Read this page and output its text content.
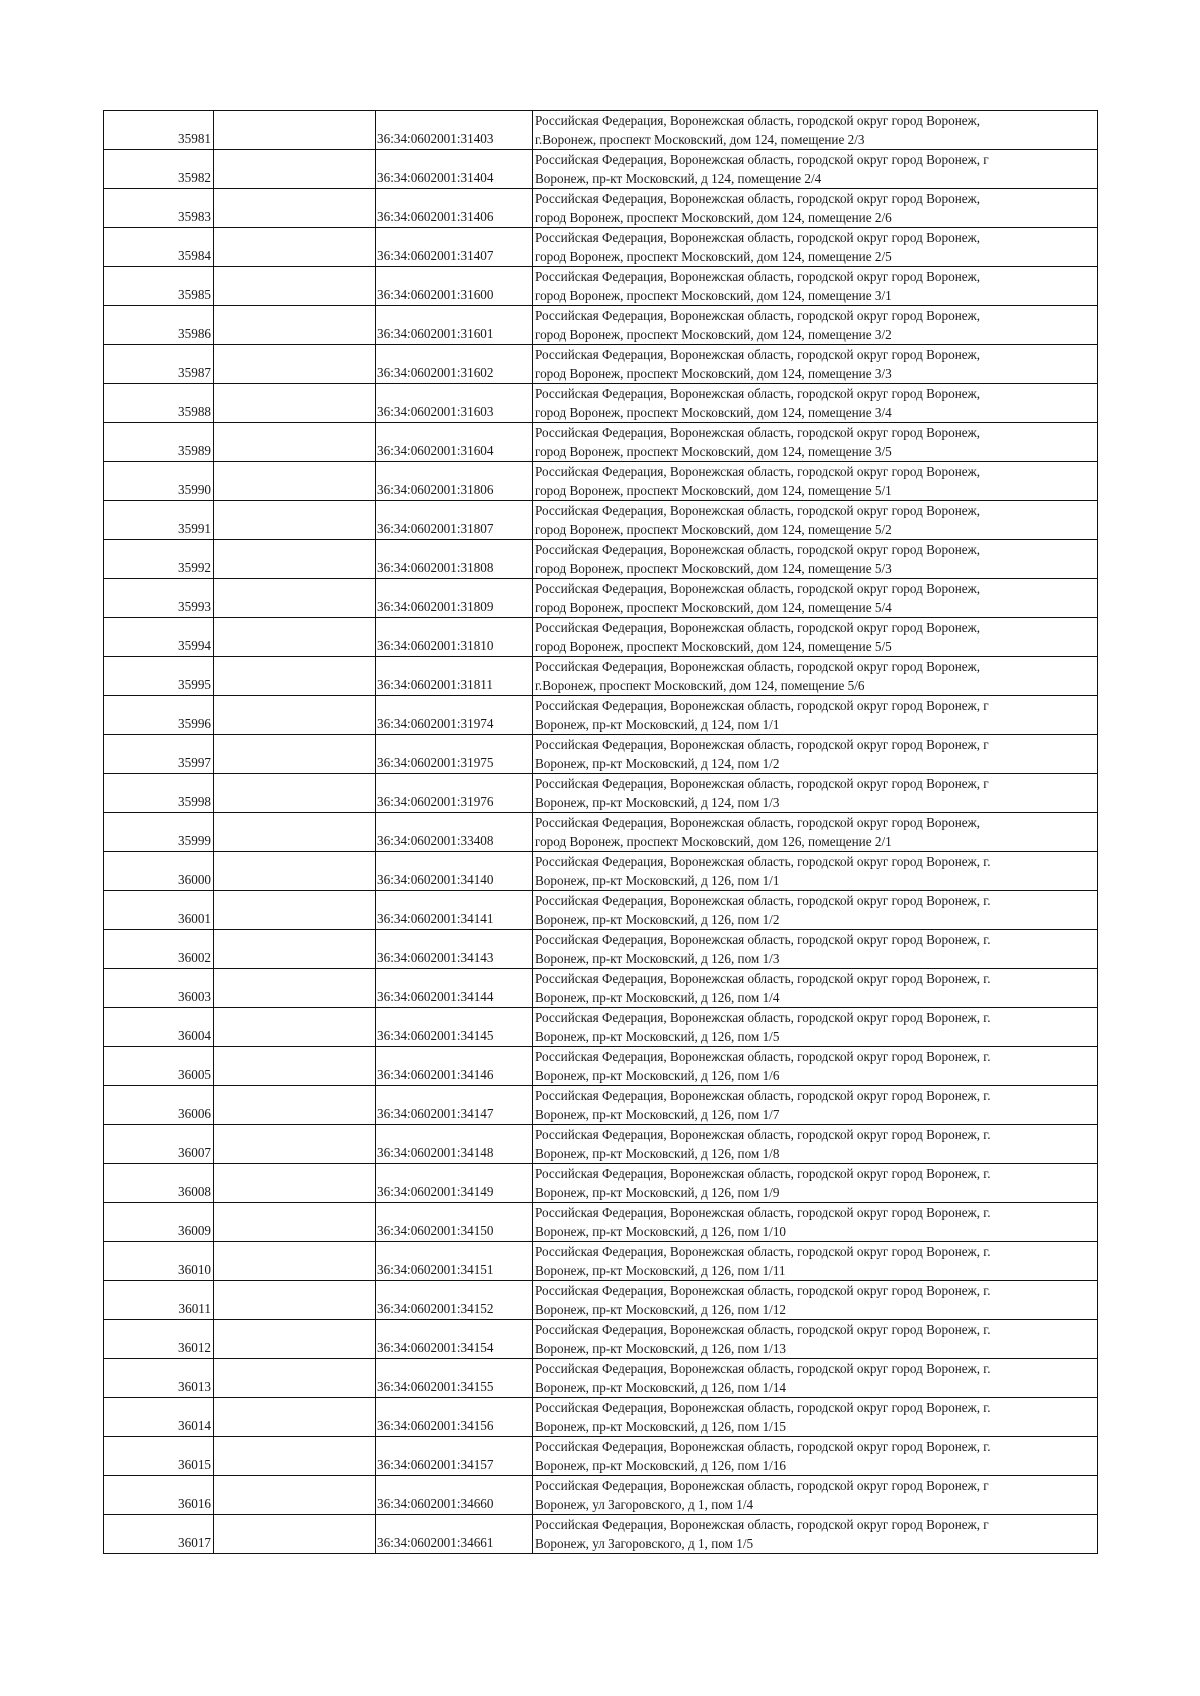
35981		36:34:0602001:31403	Российская Федерация, Воронежская область, городской округ город Воронеж,
г.Воронеж, проспект Московский, дом 124, помещение 2/3

35982		36:34:0602001:31404	Российская Федерация, Воронежская область, городской округ город Воронеж, г
Воронеж, пр-кт Московский, д 124, помещение 2/4

35983		36:34:0602001:31406	Российская Федерация, Воронежская область, городской округ город Воронеж,
город Воронеж, проспект Московский, дом 124, помещение 2/6

35984		36:34:0602001:31407	Российская Федерация, Воронежская область, городской округ город Воронеж,
город Воронеж, проспект Московский, дом 124, помещение 2/5

35985		36:34:0602001:31600	Российская Федерация, Воронежская область, городской округ город Воронеж,
город Воронеж, проспект Московский, дом 124, помещение 3/1

35986		36:34:0602001:31601	Российская Федерация, Воронежская область, городской округ город Воронеж,
город Воронеж, проспект Московский, дом 124, помещение 3/2

35987		36:34:0602001:31602	Российская Федерация, Воронежская область, городской округ город Воронеж,
город Воронеж, проспект Московский, дом 124, помещение 3/3

35988		36:34:0602001:31603	Российская Федерация, Воронежская область, городской округ город Воронеж,
город Воронеж, проспект Московский, дом 124, помещение 3/4

35989		36:34:0602001:31604	Российская Федерация, Воронежская область, городской округ город Воронеж,
город Воронеж, проспект Московский, дом 124, помещение 3/5

35990		36:34:0602001:31806	Российская Федерация, Воронежская область, городской округ город Воронеж,
город Воронеж, проспект Московский, дом 124, помещение 5/1

35991		36:34:0602001:31807	Российская Федерация, Воронежская область, городской округ город Воронеж,
город Воронеж, проспект Московский, дом 124, помещение 5/2

35992		36:34:0602001:31808	Российская Федерация, Воронежская область, городской округ город Воронеж,
город Воронеж, проспект Московский, дом 124, помещение 5/3

35993		36:34:0602001:31809	Российская Федерация, Воронежская область, городской округ город Воронеж,
город Воронеж, проспект Московский, дом 124, помещение 5/4

35994		36:34:0602001:31810	Российская Федерация, Воронежская область, городской округ город Воронеж,
город Воронеж, проспект Московский, дом 124, помещение 5/5

35995		36:34:0602001:31811	Российская Федерация, Воронежская область, городской округ город Воронеж,
г.Воронеж, проспект Московский, дом 124, помещение 5/6

35996		36:34:0602001:31974	Российская Федерация, Воронежская область, городской округ город Воронеж, г
Воронеж, пр-кт Московский, д 124, пом 1/1

35997		36:34:0602001:31975	Российская Федерация, Воронежская область, городской округ город Воронеж, г
Воронеж, пр-кт Московский, д 124, пом 1/2

35998		36:34:0602001:31976	Российская Федерация, Воронежская область, городской округ город Воронеж, г
Воронеж, пр-кт Московский, д 124, пом 1/3

35999		36:34:0602001:33408	Российская Федерация, Воронежская область, городской округ город Воронеж,
город Воронеж, проспект Московский, дом 126, помещение 2/1

36000		36:34:0602001:34140	Российская Федерация, Воронежская область, городской округ город Воронеж, г.
Воронеж, пр-кт Московский, д 126, пом 1/1

36001		36:34:0602001:34141	Российская Федерация, Воронежская область, городской округ город Воронеж, г.
Воронеж, пр-кт Московский, д 126, пом 1/2

36002		36:34:0602001:34143	Российская Федерация, Воронежская область, городской округ город Воронеж, г.
Воронеж, пр-кт Московский, д 126, пом 1/3

36003		36:34:0602001:34144	Российская Федерация, Воронежская область, городской округ город Воронеж, г.
Воронеж, пр-кт Московский, д 126, пом 1/4

36004		36:34:0602001:34145	Российская Федерация, Воронежская область, городской округ город Воронеж, г.
Воронеж, пр-кт Московский, д 126, пом 1/5

36005		36:34:0602001:34146	Российская Федерация, Воронежская область, городской округ город Воронеж, г.
Воронеж, пр-кт Московский, д 126, пом 1/6

36006		36:34:0602001:34147	Российская Федерация, Воронежская область, городской округ город Воронеж, г.
Воронеж, пр-кт Московский, д 126, пом 1/7

36007		36:34:0602001:34148	Российская Федерация, Воронежская область, городской округ город Воронеж, г.
Воронеж, пр-кт Московский, д 126, пом 1/8

36008		36:34:0602001:34149	Российская Федерация, Воронежская область, городской округ город Воронеж, г.
Воронеж, пр-кт Московский, д 126, пом 1/9

36009		36:34:0602001:34150	Российская Федерация, Воронежская область, городской округ город Воронеж, г.
Воронеж, пр-кт Московский, д 126, пом 1/10

36010		36:34:0602001:34151	Российская Федерация, Воронежская область, городской округ город Воронеж, г.
Воронеж, пр-кт Московский, д 126, пом 1/11

36011		36:34:0602001:34152	Российская Федерация, Воронежская область, городской округ город Воронеж, г.
Воронеж, пр-кт Московский, д 126, пом 1/12

36012		36:34:0602001:34154	Российская Федерация, Воронежская область, городской округ город Воронеж, г.
Воронеж, пр-кт Московский, д 126, пом 1/13

36013		36:34:0602001:34155	Российская Федерация, Воронежская область, городской округ город Воронеж, г.
Воронеж, пр-кт Московский, д 126, пом 1/14

36014		36:34:0602001:34156	Российская Федерация, Воронежская область, городской округ город Воронеж, г.
Воронеж, пр-кт Московский, д 126, пом 1/15

36015		36:34:0602001:34157	Российская Федерация, Воронежская область, городской округ город Воронеж, г.
Воронеж, пр-кт Московский, д 126, пом 1/16

36016		36:34:0602001:34660	Российская Федерация, Воронежская область, городской округ город Воронеж, г
Воронеж, ул Загоровского, д 1, пом 1/4

36017		36:34:0602001:34661	Российская Федерация, Воронежская область, городской округ город Воронеж, г
Воронеж, ул Загоровского, д 1, пом 1/5
